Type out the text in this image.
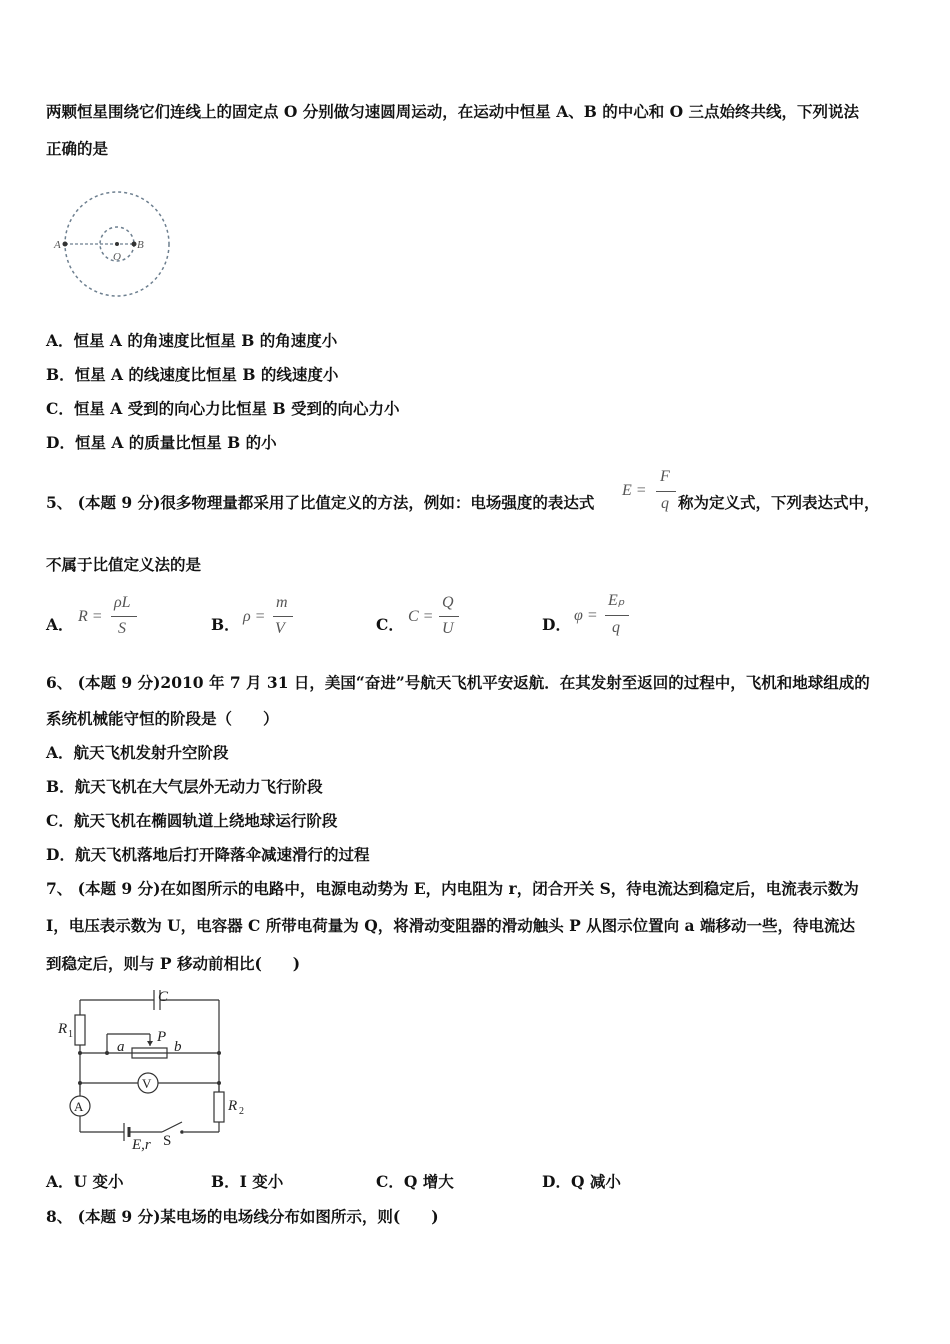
两颗恒星围绕它们连线上的固定点 O 分别做匀速圆周运动，在运动中恒星 A、B 的中心和 O 三点始终共线，下列说法
正确的是
A
O
B
A．恒星 A 的角速度比恒星 B 的角速度小
B．恒星 A 的线速度比恒星 B 的线速度小
C．恒星 A 受到的向心力比恒星 B 受到的向心力小
D．恒星 A 的质量比恒星 B 的小
5、 (本题 9 分)很多物理量都采用了比值定义的方法，例如：电场强度的表达式
E =
F
q 称为定义式，下列表达式中，
不属于比值定义法的是
A． R =
ρL
S	B． ρ =
m
V	C． C =
Q
U	D． φ =
Eₚ
q
6、 (本题 9 分)2010 年 7 月 31 日，美国“奋进”号航天飞机平安返航．在其发射至返回的过程中，飞机和地球组成的
系统机械能守恒的阶段是（　　）
A．航天飞机发射升空阶段
B．航天飞机在大气层外无动力飞行阶段
C．航天飞机在椭圆轨道上绕地球运行阶段
D．航天飞机落地后打开降落伞减速滑行的过程
7、 (本题 9 分)在如图所示的电路中，电源电动势为 E，内电阻为 r，闭合开关 S，待电流达到稳定后，电流表示数为
I，电压表示数为 U，电容器 C 所带电荷量为 Q，将滑动变阻器的滑动触头 P 从图示位置向 a 端移动一些，待电流达
到稳定后，则与 P 移动前相比(　　)
C
R 1	P
a	b
V
A	R 2
E,r S
A．U 变小	B．I 变小	C．Q 增大	D．Q 减小
8、 (本题 9 分)某电场的电场线分布如图所示，则(　　)
